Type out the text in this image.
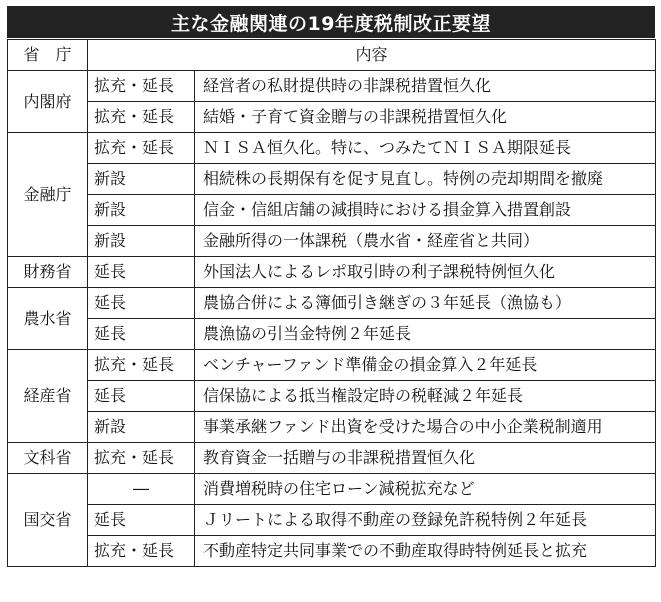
主な金融関連の19年度税制改正要望
省　庁	内容	
内閣府	拡充・延長	経営者の私財提供時の非課税措置恒久化
	拡充・延長	結婚・子育て資金贈与の非課税措置恒久化
金融庁	拡充・延長	ＮＩＳＡ恒久化。特に、つみたてＮＩＳＡ期限延長
	新設	相続株の長期保有を促す見直し。特例の売却期間を撤廃
	新設	信金・信組店舗の減損時における損金算入措置創設
	新設	金融所得の一体課税（農水省・経産省と共同）
財務省	延長	外国法人によるレポ取引時の利子課税特例恒久化
農水省	延長	農協合併による簿価引き継ぎの３年延長（漁協も）
	延長	農漁協の引当金特例２年延長
経産省	拡充・延長	ベンチャーファンド準備金の損金算入２年延長
	延長	信保協による抵当権設定時の税軽減２年延長
	新設	事業承継ファンド出資を受けた場合の中小企業税制適用
文科省	拡充・延長	教育資金一括贈与の非課税措置恒久化
国交省	―	消費増税時の住宅ローン減税拡充など
	延長	Ｊリートによる取得不動産の登録免許税特例２年延長
	拡充・延長	不動産特定共同事業での不動産取得時特例延長と拡充
